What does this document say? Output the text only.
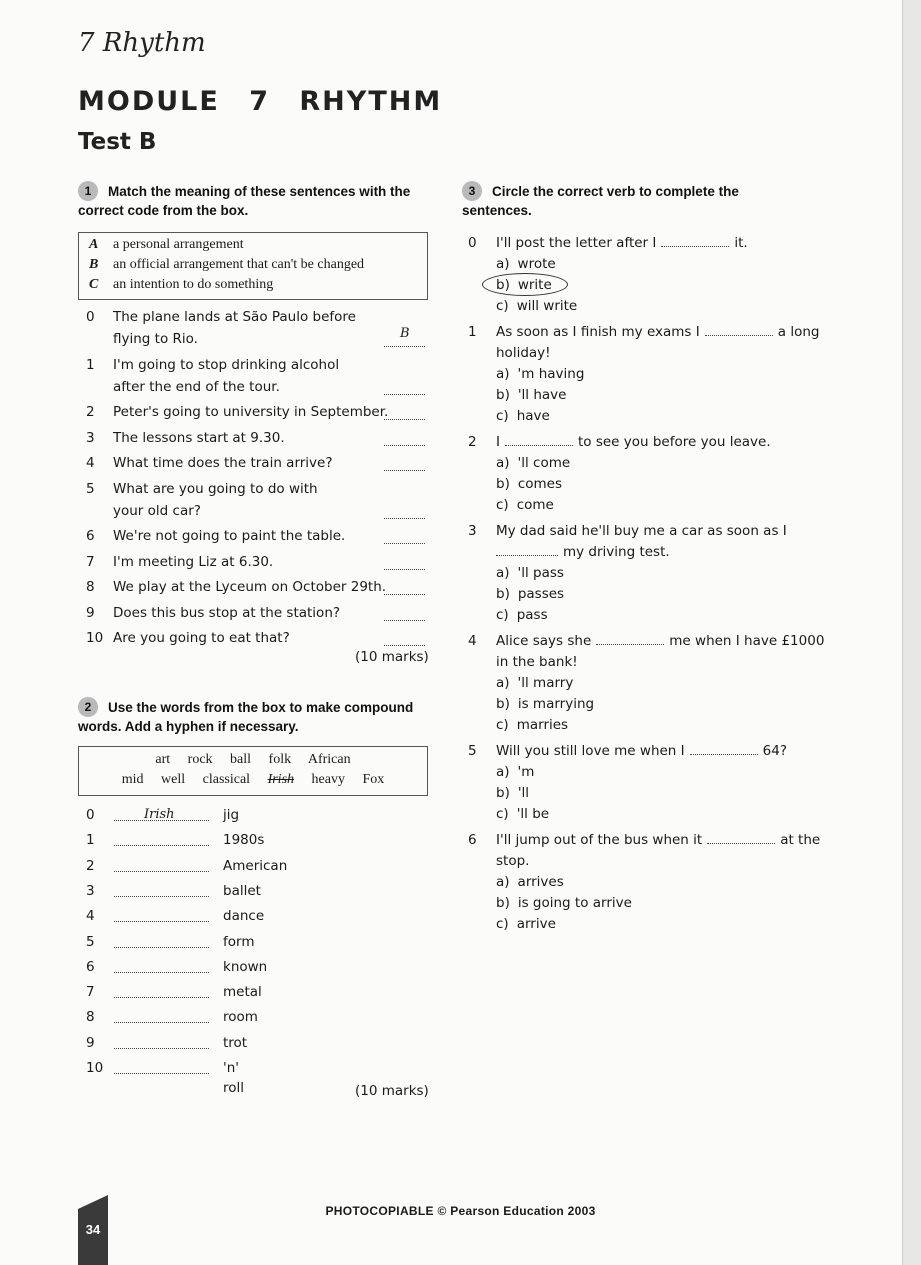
7 Rhythm
MODULE 7 RHYTHM
Test B
1 Match the meaning of these sentences with the correct code from the box.
A a personal arrangement
B an official arrangement that can't be changed
C an intention to do something
0	The plane lands at São Paulo before
flying to Rio.	B
1	I'm going to stop drinking alcohol
after the end of the tour.
2	Peter's going to university in September.
3	The lessons start at 9.30.
4	What time does the train arrive?
5	What are you going to do with
your old car?
6	We're not going to paint the table.
7	I'm meeting Liz at 6.30.
8	We play at the Lyceum on October 29th.
9	Does this bus stop at the station?
10 Are you going to eat that?
(10 marks)
2 Use the words from the box to make compound words. Add a hyphen if necessary.
art rock ball folk African
mid well classical Irish heavy Fox
0	Irish	jig
1	1980s
2	American
3	ballet
4	dance
5	form
6	known
7	metal
8	room
9	trot
10	'n' roll	(10 marks)
3 Circle the correct verb to complete the sentences.
0	I'll post the letter after I	it.
a) wrote
b) write
c) will write
1	As soon as I finish my exams I	a long
holiday!
a) 'm having
b) 'll have
c) have
2	I	to see you before you leave.
a) 'll come
b) comes
c) come
3	My dad said he'll buy me a car as soon as I
my driving test.
a) 'll pass
b) passes
c) pass
4	Alice says she	me when I have £1000
in the bank!
a) 'll marry
b) is marrying
c) marries
5	Will you still love me when I	64?
a) 'm
b) 'll
c) 'll be
6	I'll jump out of the bus when it	at the
stop.
a) arrives
b) is going to arrive
c) arrive
34
PHOTOCOPIABLE © Pearson Education 2003
